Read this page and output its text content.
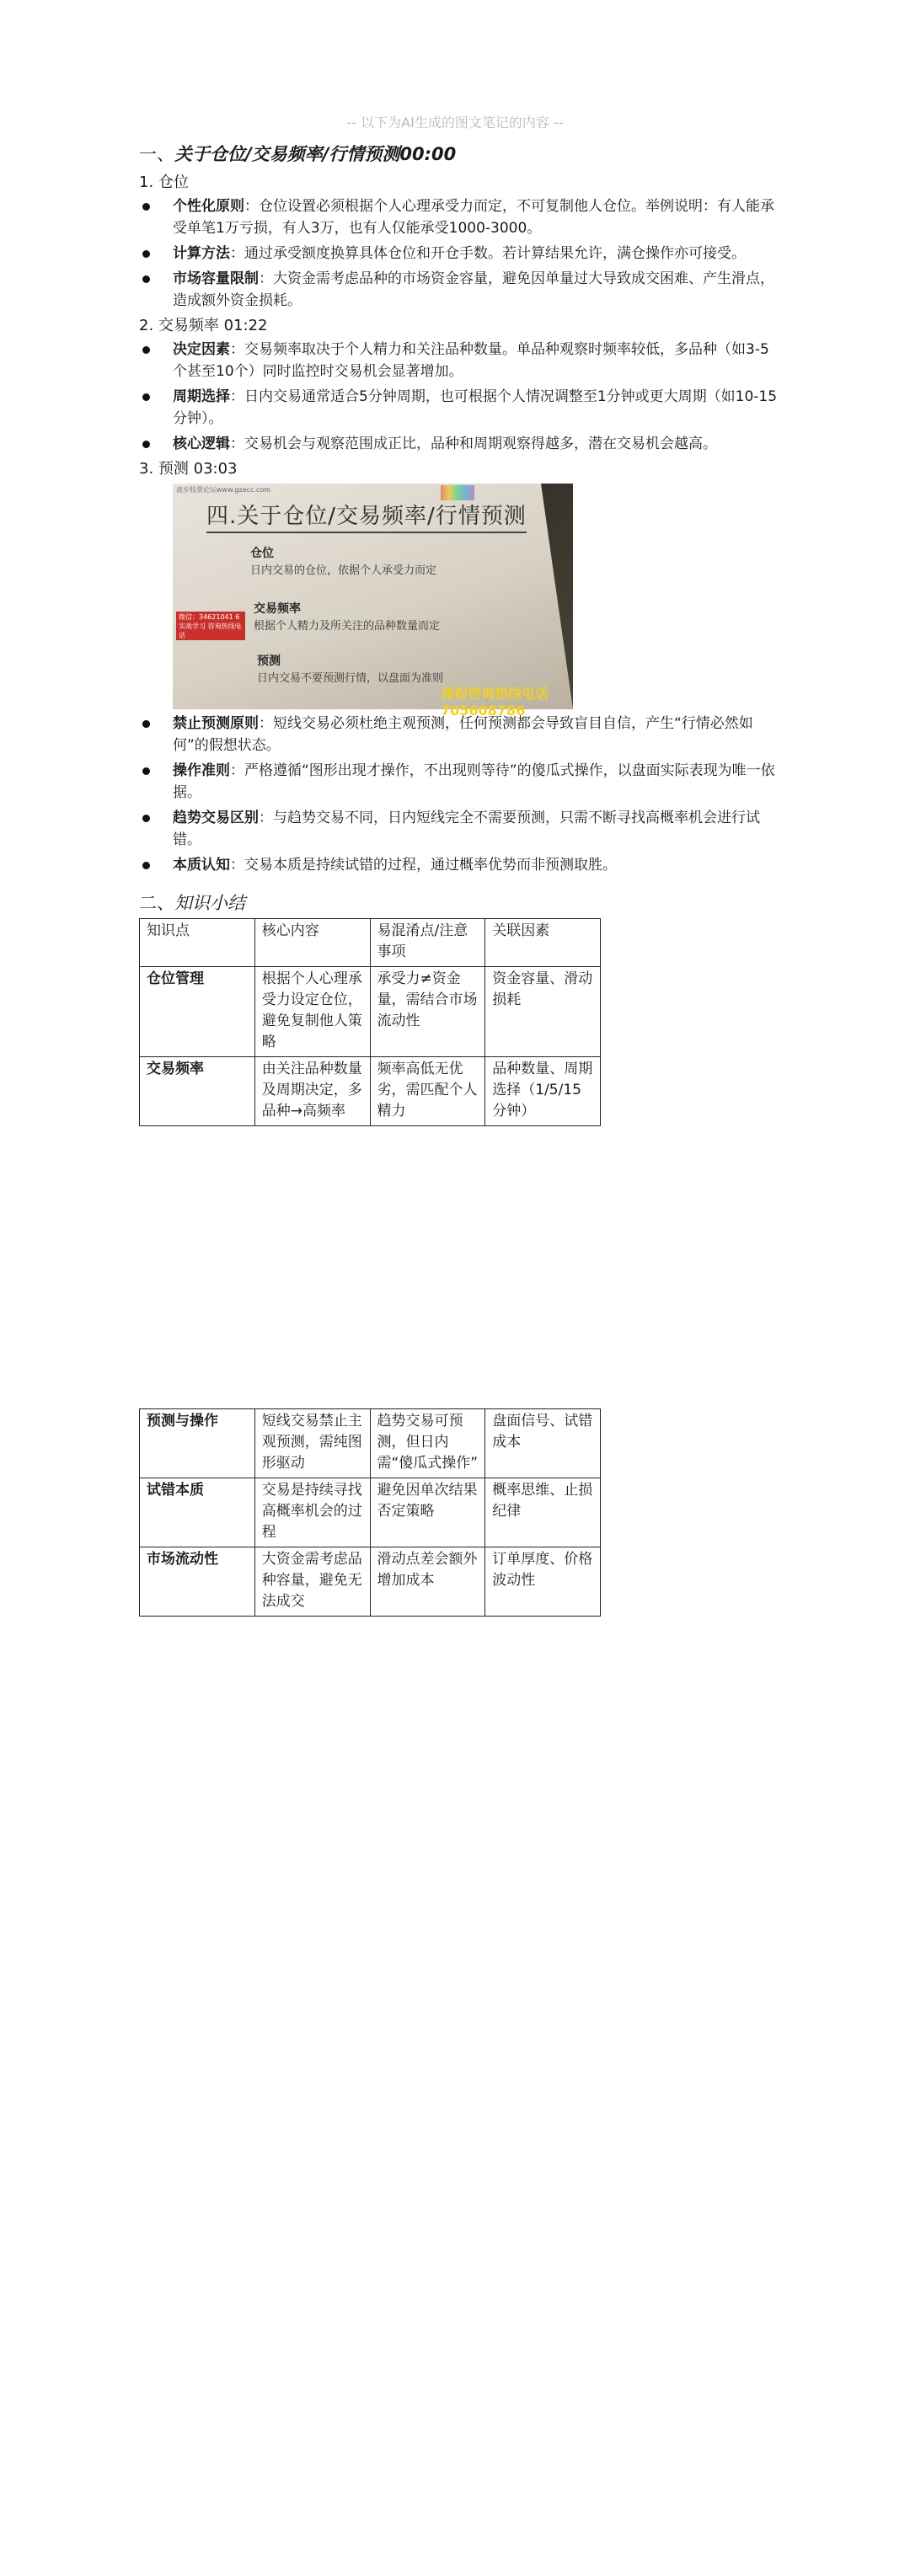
-- 以下为AI生成的图文笔记的内容 --
一、关于仓位/交易频率/行情预测00:00

1. 仓位

个性化原则：仓位设置必须根据个人心理承受力而定，不可复制他人仓位。举例说明：有人能承受单笔1万亏损，有人3万，也有人仅能承受1000-3000。
计算方法：通过承受额度换算具体仓位和开仓手数。若计算结果允许，满仓操作亦可接受。
市场容量限制：大资金需考虑品种的市场资金容量，避免因单量过大导致成交困难、产生滑点，造成额外资金损耗。

2. 交易频率 01:22

决定因素：交易频率取决于个人精力和关注品种数量。单品种观察时频率较低，多品种（如3-5个甚至10个）同时监控时交易机会显著增加。
周期选择：日内交易通常适合5分钟周期，也可根据个人情况调整至1分钟或更大周期（如10-15分钟）。
核心逻辑：交易机会与观察范围成正比，品种和周期观察得越多，潜在交易机会越高。

3. 预测 03:03

波步股票论坛www.gzecc.com
四.关于仓位/交易频率/行情预测
仓位
日内交易的仓位，依据个人承受力而定
交易频率
根据个人精力及所关注的品种数量而定
预测
日内交易不要预测行情，以盘面为准则
微信：34621041 6 实战学习 咨询热线电话
课程咨询热线电话705608786
禁止预测原则：短线交易必须杜绝主观预测，任何预测都会导致盲目自信，产生“行情必然如何”的假想状态。
操作准则：严格遵循“图形出现才操作，不出现则等待”的傻瓜式操作，以盘面实际表现为唯一依据。
趋势交易区别：与趋势交易不同，日内短线完全不需要预测，只需不断寻找高概率机会进行试错。
本质认知：交易本质是持续试错的过程，通过概率优势而非预测取胜。
二、知识小结
知识点	核心内容	易混淆点/注意事项	关联因素
仓位管理	根据个人心理承受力设定仓位，避免复制他人策略	承受力≠资金量，需结合市场流动性	资金容量、滑动损耗
交易频率	由关注品种数量及周期决定，多品种→高频率	频率高低无优劣，需匹配个人精力	品种数量、周期选择（1/5/15分钟）
预测与操作	短线交易禁止主观预测，需纯图形驱动	趋势交易可预测，但日内需“傻瓜式操作”	盘面信号、试错成本
试错本质	交易是持续寻找高概率机会的过程	避免因单次结果否定策略	概率思维、止损纪律
市场流动性	大资金需考虑品种容量，避免无法成交	滑动点差会额外增加成本	订单厚度、价格波动性
